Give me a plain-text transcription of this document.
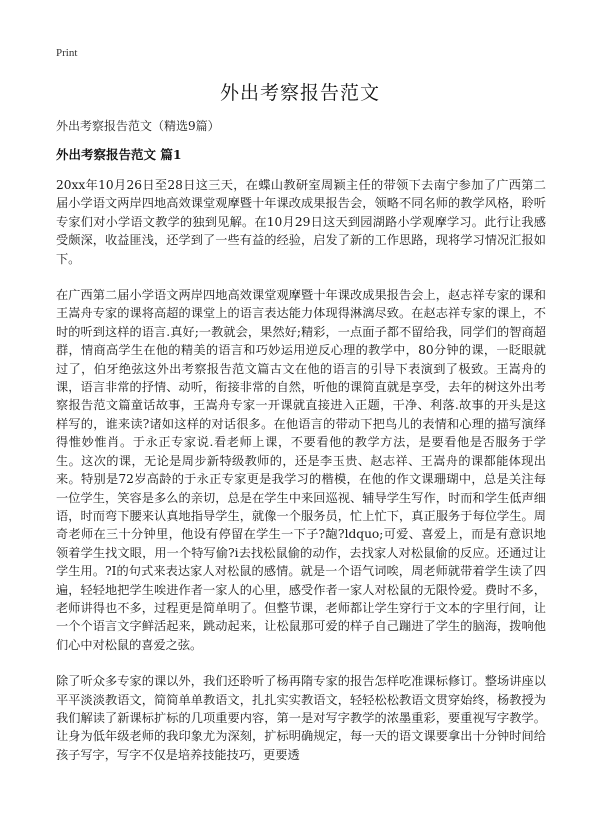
Print
外出考察报告范文

外出考察报告范文（精选9篇）

外出考察报告范文 篇1

20xx年10月26日至28日这三天，在蝶山教研室周颖主任的带领下去南宁参加了广西第二届小学语文两岸四地高效课堂观摩暨十年课改成果报告会，领略不同名师的教学风格，聆听专家们对小学语文教学的独到见解。在10月29日这天到园湖路小学观摩学习。此行让我感受颇深，收益匪浅，还学到了一些有益的经验，启发了新的工作思路，现将学习情况汇报如下。

在广西第二届小学语文两岸四地高效课堂观摩暨十年课改成果报告会上，赵志祥专家的课和王嵩舟专家的课将高超的课堂上的语言表达能力体现得淋漓尽致。在赵志祥专家的课上，不时的听到这样的语言.真好;一教就会，果然好;精彩，一点面子都不留给我，同学们的智商超群，情商高学生在他的精美的语言和巧妙运用逆反心理的教学中，80分钟的课，一眨眼就过了，伯牙绝弦这外出考察报告范文篇古文在他的语言的引导下表演到了极致。王嵩舟的课，语言非常的抒情、动听，衔接非常的自然，听他的课简直就是享受，去年的树这外出考察报告范文篇童话故事，王嵩舟专家一开课就直接进入正题，干净、利落.故事的开头是这样写的，谁来读?诸如这样的对话很多。在他语言的带动下把鸟儿的表情和心理的描写演绎得惟妙惟肖。于永正专家说.看老师上课，不要看他的教学方法，是要看他是否服务于学生。这次的课，无论是周步新特级教师的，还是李玉贵、赵志祥、王嵩舟的课都能体现出来。特别是72岁高龄的于永正专家更是我学习的楷模，在他的作文课珊瑚中，总是关注每一位学生，笑容是多么的亲切，总是在学生中来回巡视、辅导学生写作，时而和学生低声细语，时而弯下腰来认真地指导学生，就像一个服务员，忙上忙下，真正服务于每位学生。周奇老师在三十分钟里，他设有停留在学生一下子?龅?ldquo;可爱、喜爱上，而是有意识地领着学生找文眼，用一个特写偷?i去找松鼠偷的动作，去找家人对松鼠偷的反应。还通过让学生用。?I的句式来表达家人对松鼠的感情。就是一个语气词唉，周老师就带着学生读了四遍，轻轻地把学生唉进作者一家人的心里，感受作者一家人对松鼠的无限怜爱。费时不多，老师讲得也不多，过程更是简单明了。但整节课，老师都让学生穿行于文本的字里行间，让一个个语言文字鲜活起来，跳动起来，让松鼠那可爱的样子自己蹦进了学生的脑海，拨响他们心中对松鼠的喜爱之弦。

除了听众多专家的课以外，我们还聆听了杨再隋专家的报告怎样吃准课标修订。整场讲座以平平淡淡教语文，简简单单教语文，扎扎实实教语文，轻轻松松教语文贯穿始终，杨教授为我们解读了新课标扩标的几项重要内容，第一是对写字教学的浓墨重彩，要重视写字教学。让身为低年级老师的我印象尤为深刻，扩标明确规定，每一天的语文课要拿出十分钟时间给孩子写字，写字不仅是培养技能技巧，更要透
